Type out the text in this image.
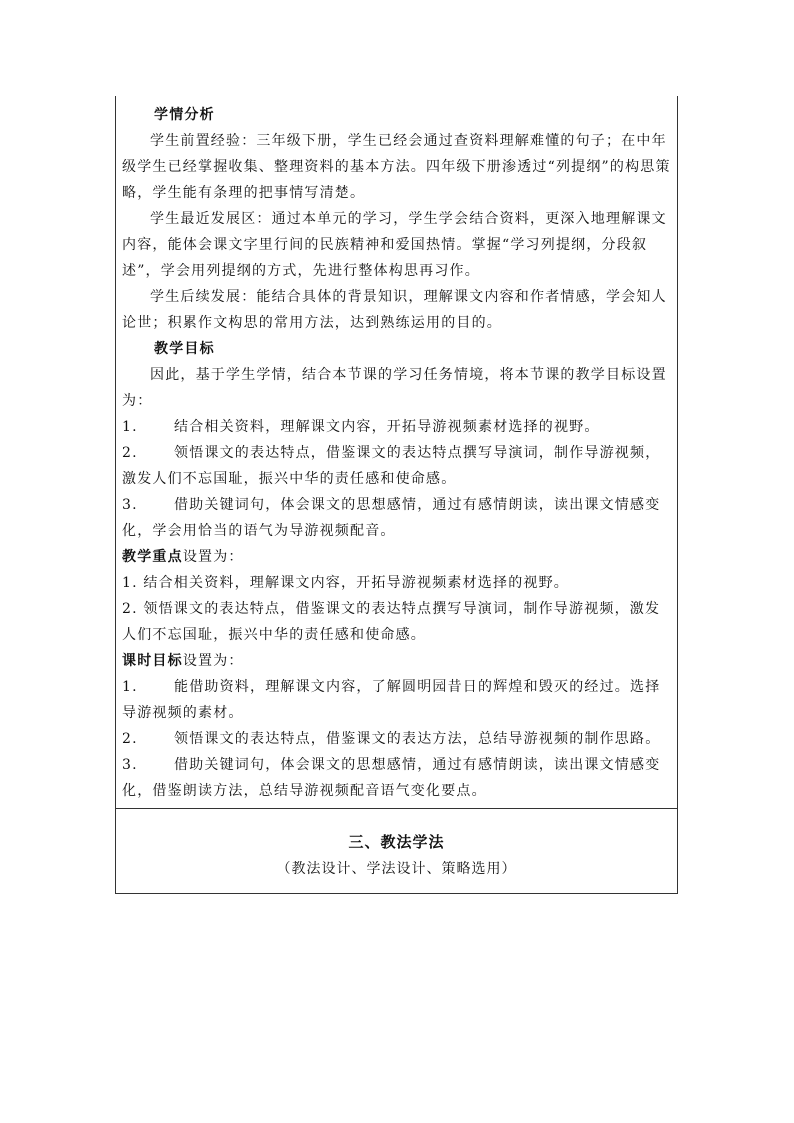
学情分析

学生前置经验：三年级下册，学生已经会通过查资料理解难懂的句子；在中年级学生已经掌握收集、整理资料的基本方法。四年级下册渗透过“列提纲”的构思策略，学生能有条理的把事情写清楚。

学生最近发展区：通过本单元的学习，学生学会结合资料，更深入地理解课文内容，能体会课文字里行间的民族精神和爱国热情。掌握“学习列提纲，分段叙述”，学会用列提纲的方式，先进行整体构思再习作。

学生后续发展：能结合具体的背景知识，理解课文内容和作者情感，学会知人论世；积累作文构思的常用方法，达到熟练运用的目的。

教学目标

因此，基于学生学情，结合本节课的学习任务情境，将本节课的教学目标设置为：

1.	结合相关资料，理解课文内容，开拓导游视频素材选择的视野。

2.	领悟课文的表达特点，借鉴课文的表达特点撰写导演词，制作导游视频，激发人们不忘国耻，振兴中华的责任感和使命感。

3.	借助关键词句，体会课文的思想感情，通过有感情朗读，读出课文情感变化，学会用恰当的语气为导游视频配音。

教学重点设置为：

1. 结合相关资料，理解课文内容，开拓导游视频素材选择的视野。

2. 领悟课文的表达特点，借鉴课文的表达特点撰写导演词，制作导游视频，激发人们不忘国耻，振兴中华的责任感和使命感。

课时目标设置为：

1.	能借助资料，理解课文内容，了解圆明园昔日的辉煌和毁灭的经过。选择导游视频的素材。

2.	领悟课文的表达特点，借鉴课文的表达方法，总结导游视频的制作思路。

3.	借助关键词句，体会课文的思想感情，通过有感情朗读，读出课文情感变化，借鉴朗读方法，总结导游视频配音语气变化要点。

三、教法学法
（教法设计、学法设计、策略选用）
